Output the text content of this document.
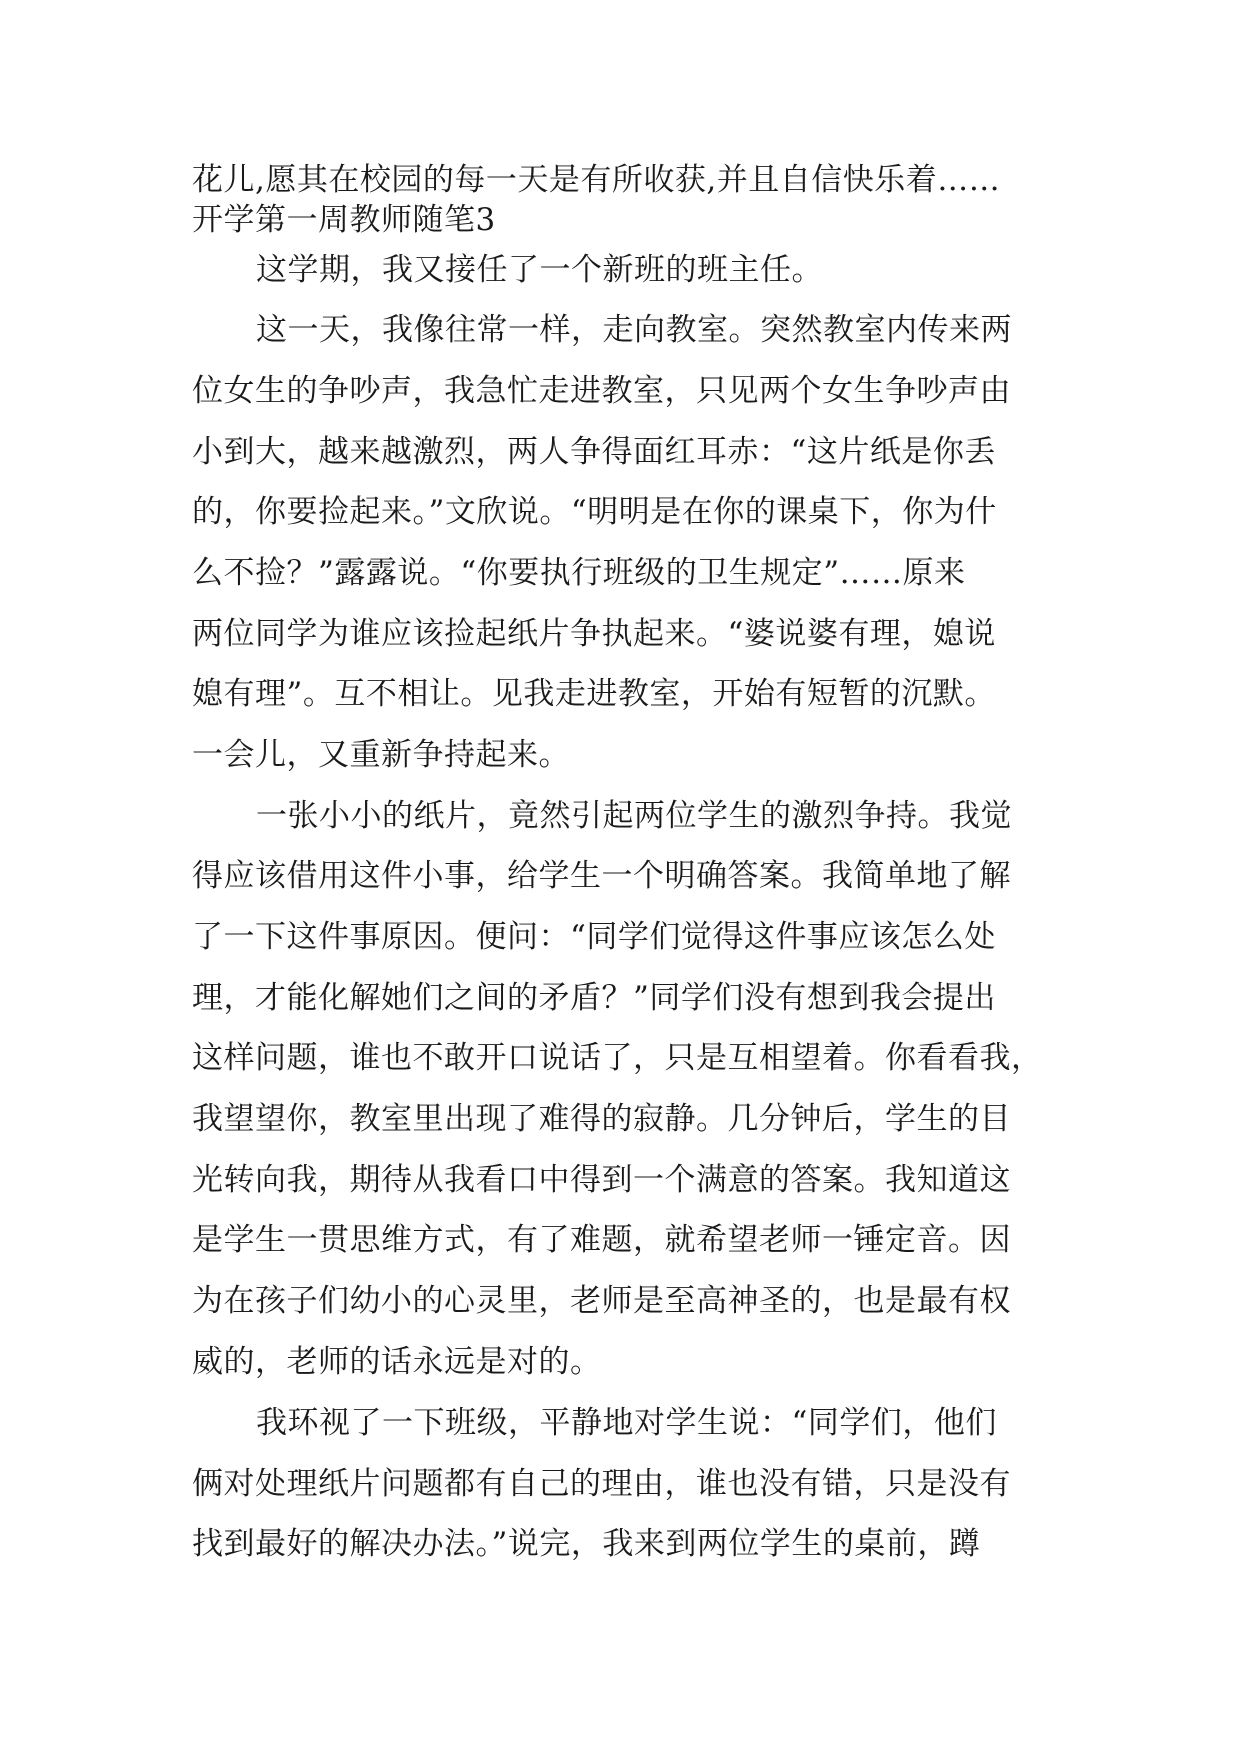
花儿,愿其在校园的每一天是有所收获,并且自信快乐着……
开学第一周教师随笔3
这学期，我又接任了一个新班的班主任。
这一天，我像往常一样，走向教室。突然教室内传来两
位女生的争吵声，我急忙走进教室，只见两个女生争吵声由
小到大，越来越激烈，两人争得面红耳赤：“这片纸是你丢
的，你要捡起来。”文欣说。“明明是在你的课桌下，你为什
么不捡？”露露说。“你要执行班级的卫生规定”……原来
两位同学为谁应该捡起纸片争执起来。“婆说婆有理，媳说
媳有理”。互不相让。见我走进教室，开始有短暂的沉默。
一会儿，又重新争持起来。
一张小小的纸片，竟然引起两位学生的激烈争持。我觉
得应该借用这件小事，给学生一个明确答案。我简单地了解
了一下这件事原因。便问：“同学们觉得这件事应该怎么处
理，才能化解她们之间的矛盾？”同学们没有想到我会提出
这样问题，谁也不敢开口说话了，只是互相望着。你看看我，
我望望你，教室里出现了难得的寂静。几分钟后，学生的目
光转向我，期待从我看口中得到一个满意的答案。我知道这
是学生一贯思维方式，有了难题，就希望老师一锤定音。因
为在孩子们幼小的心灵里，老师是至高神圣的，也是最有权
威的，老师的话永远是对的。
我环视了一下班级，平静地对学生说：“同学们，他们
俩对处理纸片问题都有自己的理由，谁也没有错，只是没有
找到最好的解决办法。”说完，我来到两位学生的桌前，蹲
